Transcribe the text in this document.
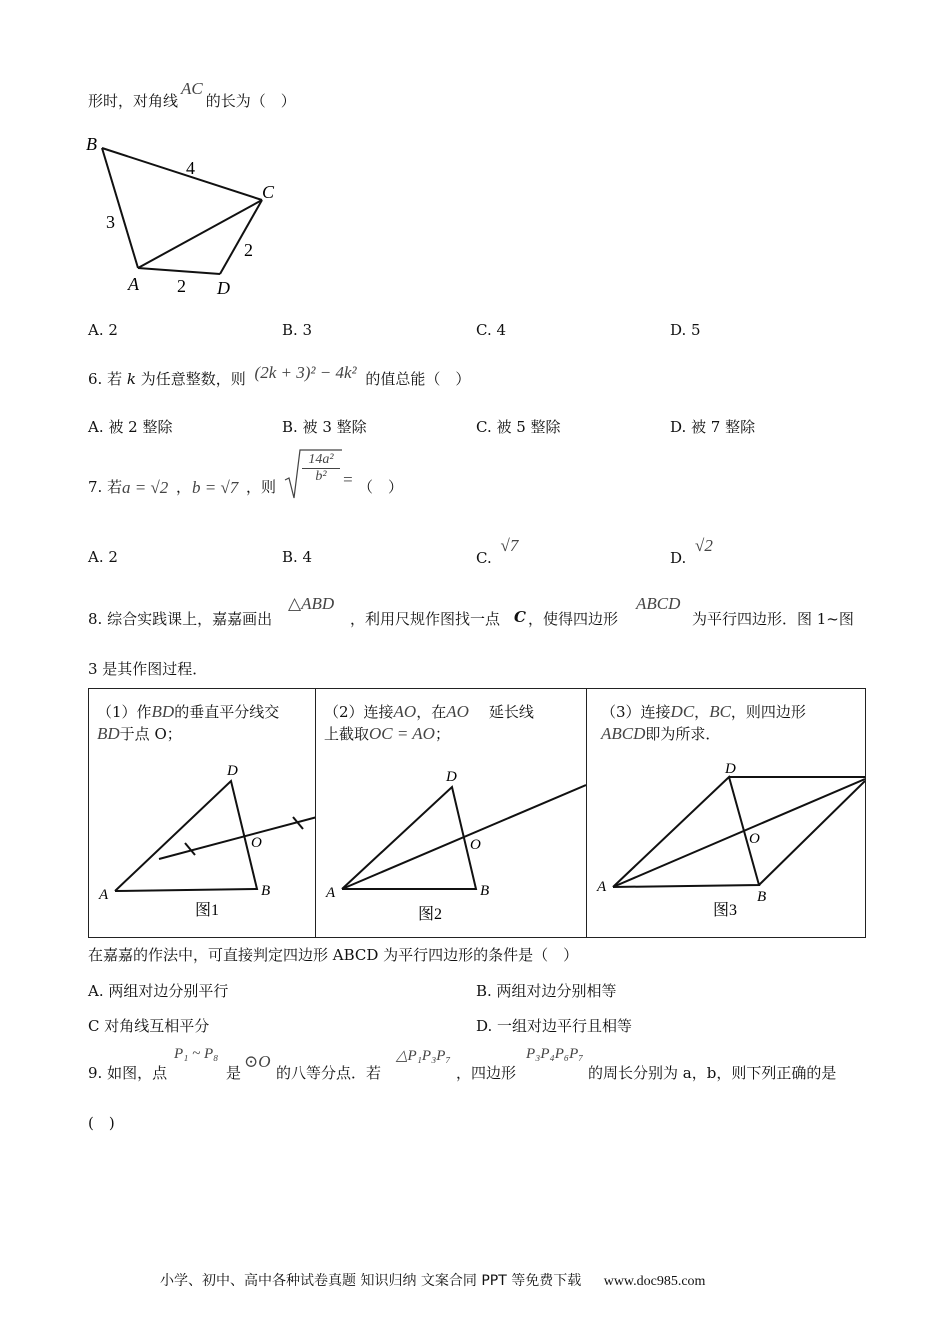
形时，对角线AC的长为（　）
B
C
A	D
4
3
2
2
A. 2	B. 3	C. 4	D. 5
6. 若 k 为任意整数，则 (2k + 3)² − 4k² 的值总能（　）
A. 被 2 整除	B. 被 3 整除	C. 被 5 整除	D. 被 7 整除
7. 若 a = √2 ， b = √7 ，则
$\frac{\text{14a²}}{\text{b²}}$ = （　）
A. 2	B. 4	C. √7
D. √2
8. 综合实践课上，嘉嘉画出
△ABD
，利用尺规作图找一点 C ，使得四边形
ABCD
为平行四边形．图 1~图
3 是其作图过程．
（1）作BD的垂直平分线交
BD于点 O；
A
D
B
O
图1

（2）连接AO，在AO 延长线
上截取OC = AO；
A
D
B
O
图2

（3）连接DC，BC，则四边形
ABCD即为所求．
A
D
B
O
图3
在嘉嘉的作法中，可直接判定四边形 ABCD 为平行四边形的条件是（　）
A. 两组对边分别平行	B. 两组对边分别相等
C 对角线互相平分	D. 一组对边平行且相等
9. 如图，点
P₁ ~ P₈
是
⊙O
的八等分点．若
△P₁P₃P₇
，四边形
P₃P₄P₆P₇
的周长分别为 a，b，则下列正确的是
(　)
小学、初中、高中各种试卷真题 知识归纳 文案合同 PPT 等免费下载 www.doc985.com
